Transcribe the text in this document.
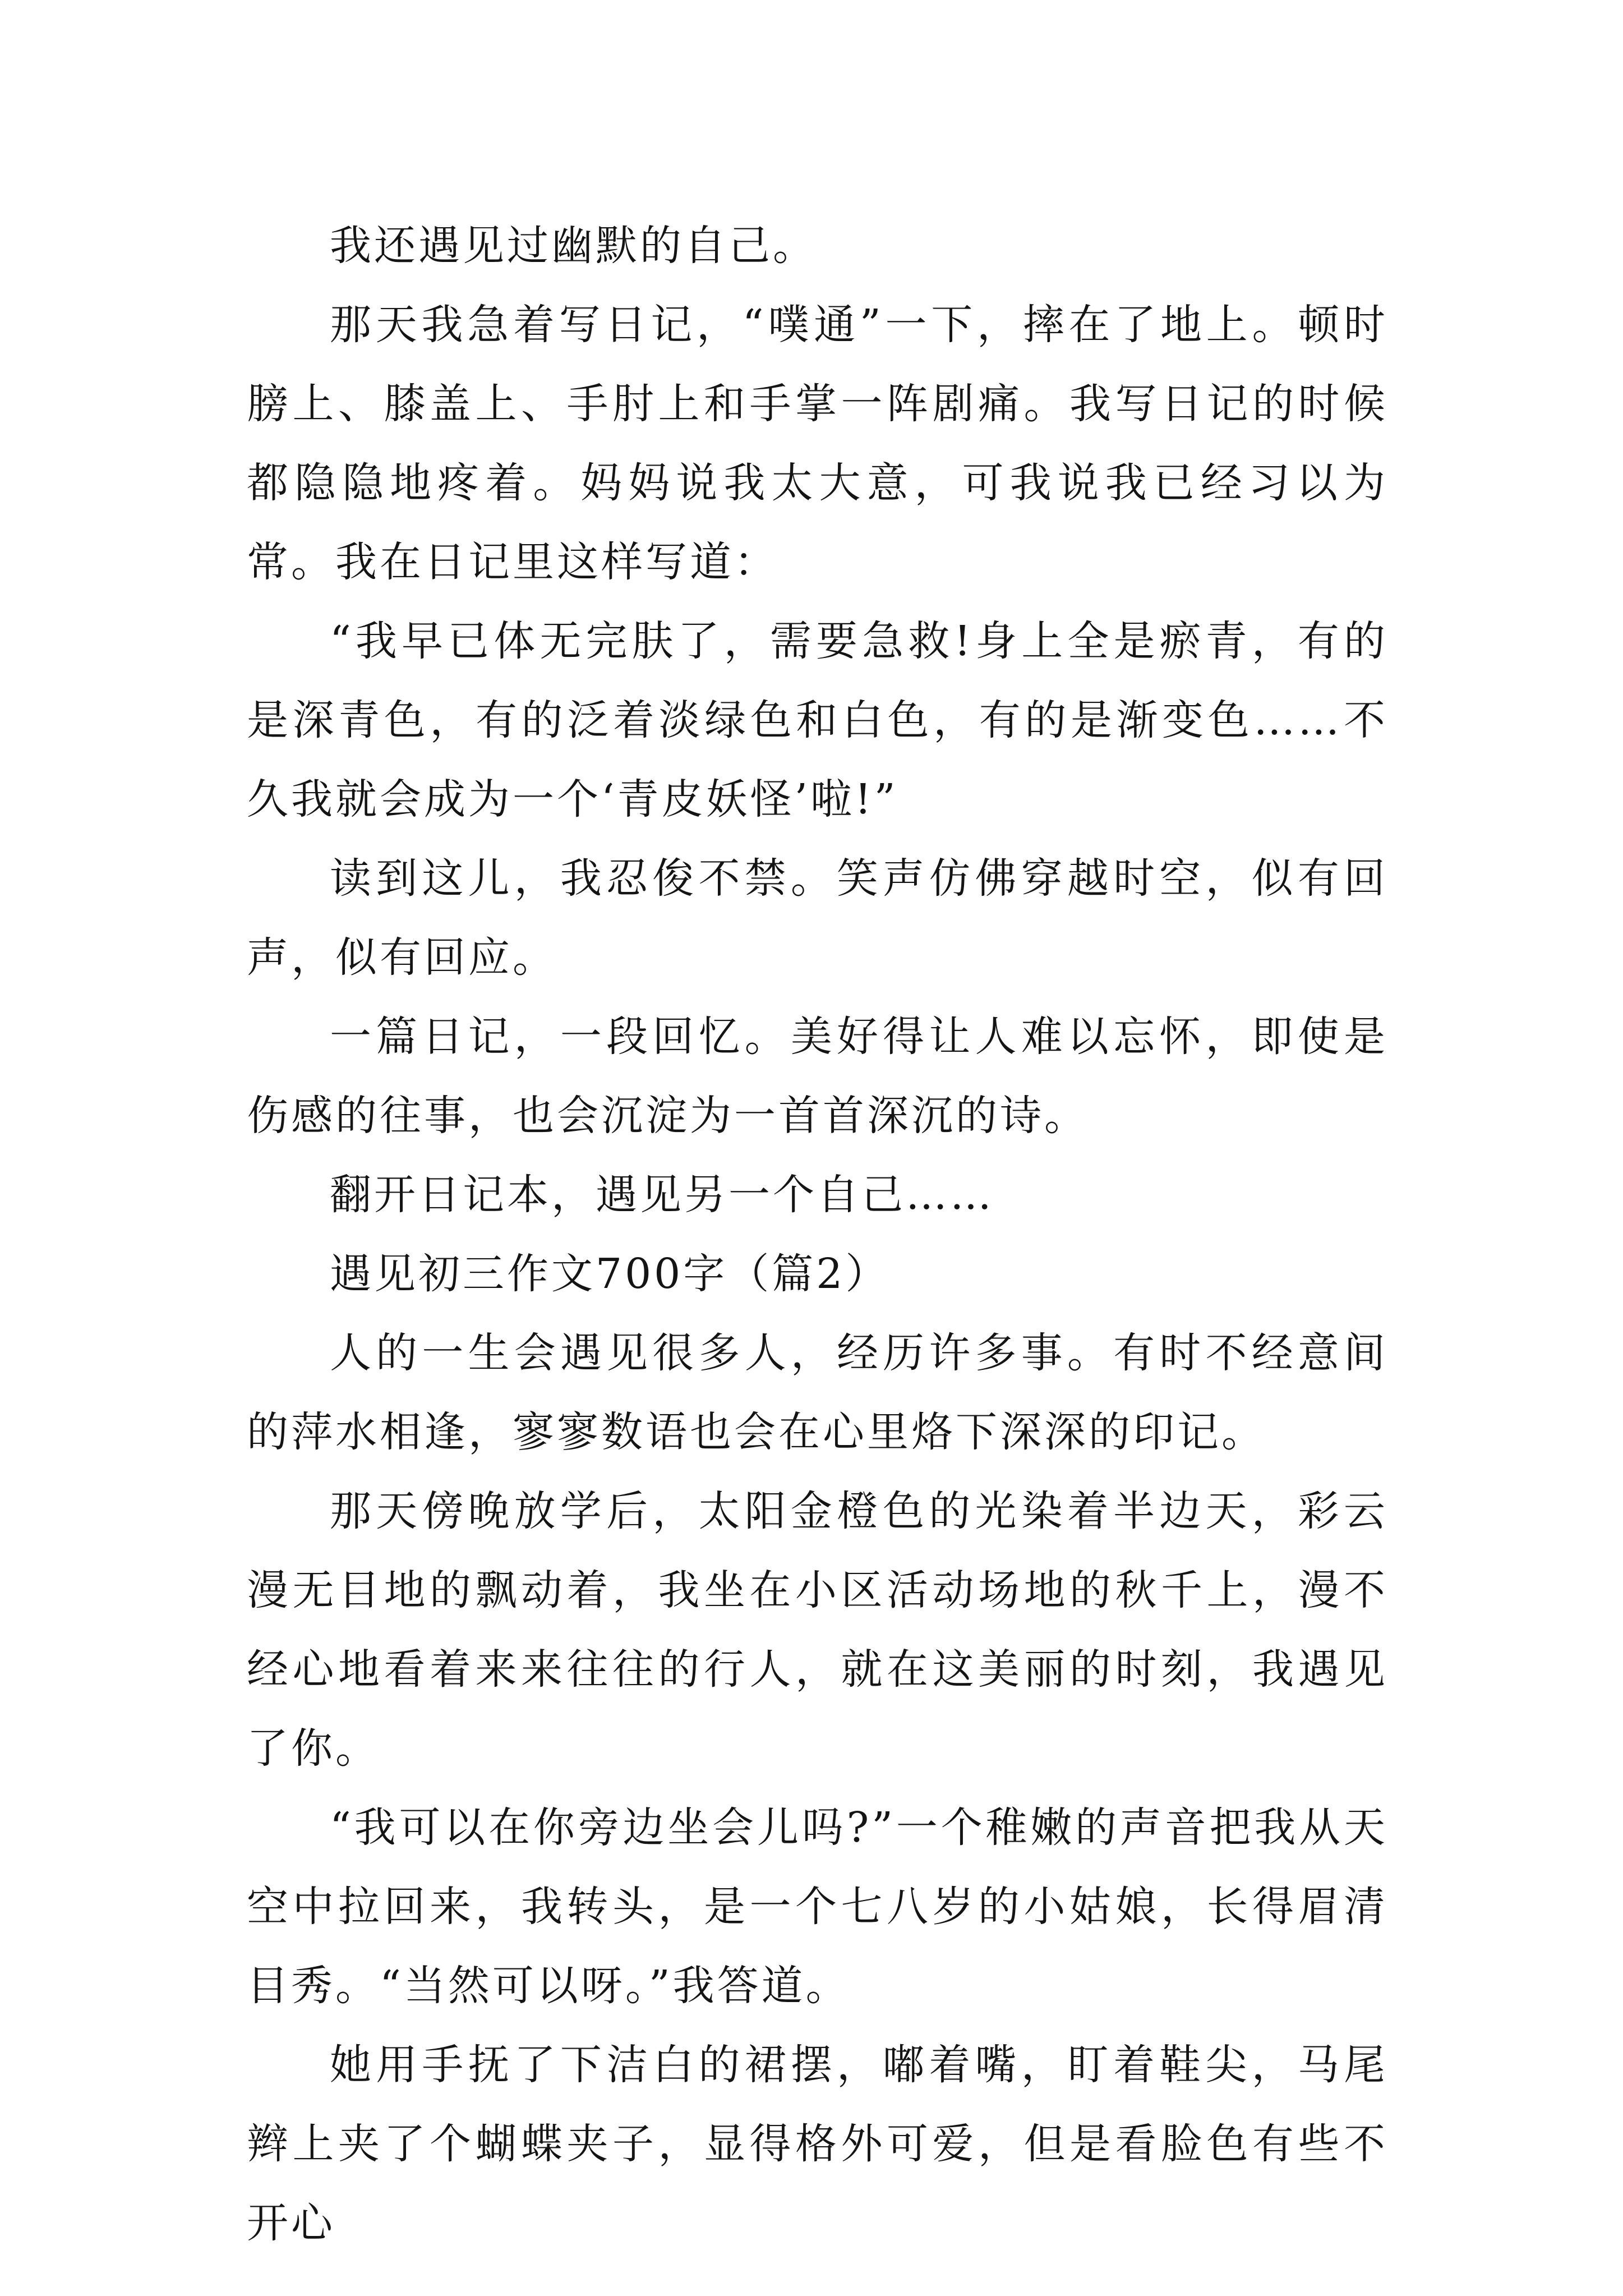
我还遇见过幽默的自己。

那天我急着写日记，“噗通”一下，摔在了地上。顿时膀上、膝盖上、手肘上和手掌一阵剧痛。我写日记的时候都隐隐地疼着。妈妈说我太大意，可我说我已经习以为常。我在日记里这样写道：

“我早已体无完肤了，需要急救!身上全是瘀青，有的是深青色，有的泛着淡绿色和白色，有的是渐变色……不久我就会成为一个‘青皮妖怪’啦!”

读到这儿，我忍俊不禁。笑声仿佛穿越时空，似有回声，似有回应。

一篇日记，一段回忆。美好得让人难以忘怀，即使是伤感的往事，也会沉淀为一首首深沉的诗。

翻开日记本，遇见另一个自己……

遇见初三作文700字（篇2）

人的一生会遇见很多人，经历许多事。有时不经意间的萍水相逢，寥寥数语也会在心里烙下深深的印记。

那天傍晚放学后，太阳金橙色的光染着半边天，彩云漫无目地的飘动着，我坐在小区活动场地的秋千上，漫不经心地看着来来往往的行人，就在这美丽的时刻，我遇见了你。

“我可以在你旁边坐会儿吗?”一个稚嫩的声音把我从天空中拉回来，我转头，是一个七八岁的小姑娘，长得眉清目秀。“当然可以呀。”我答道。

她用手抚了下洁白的裙摆，嘟着嘴，盯着鞋尖，马尾辫上夹了个蝴蝶夹子，显得格外可爱，但是看脸色有些不开心
